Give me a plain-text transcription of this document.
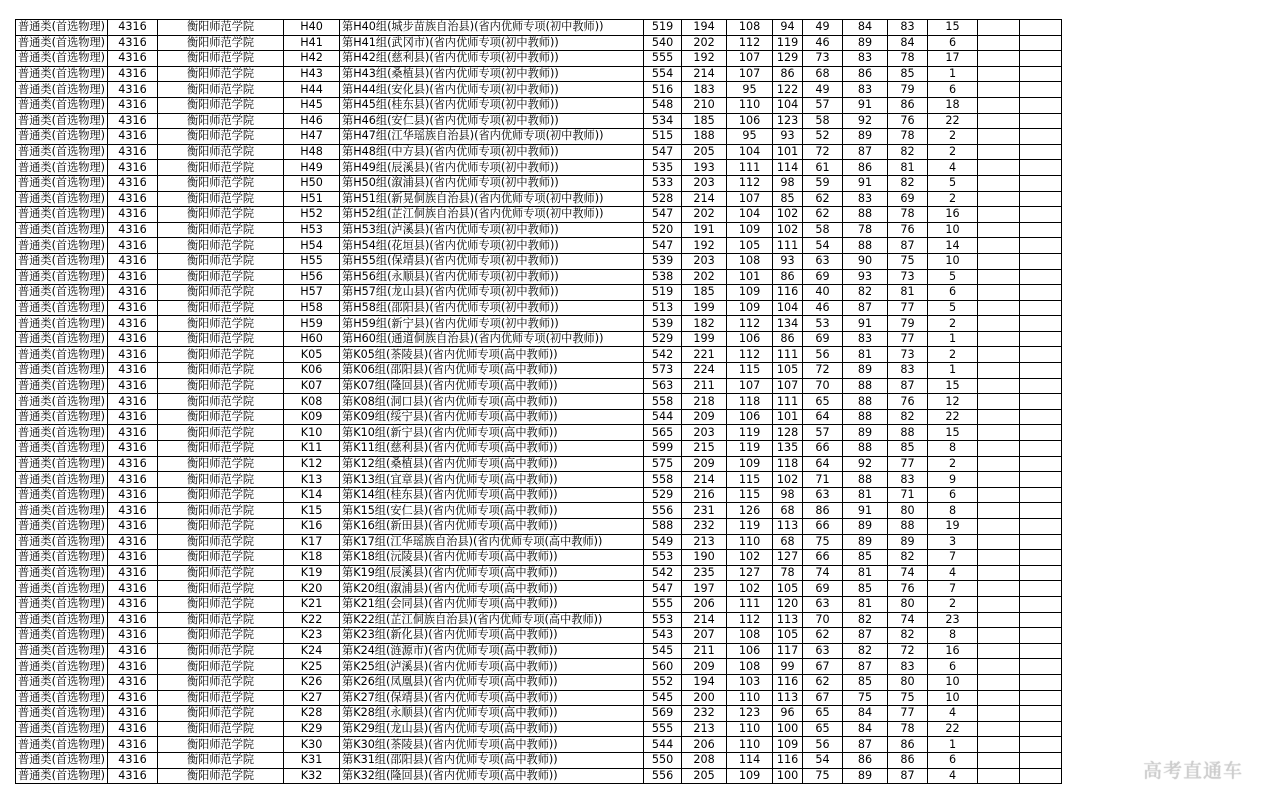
普通类(首选物理)	4316	衡阳师范学院	H40	第H40组(城步苗族自治县)(省内优师专项(初中教师))	519	194	108	94	49	84	83	15		
普通类(首选物理)	4316	衡阳师范学院	H41	第H41组(武冈市)(省内优师专项(初中教师))	540	202	112	119	46	89	84	6		
普通类(首选物理)	4316	衡阳师范学院	H42	第H42组(慈利县)(省内优师专项(初中教师))	555	192	107	129	73	83	78	17		
普通类(首选物理)	4316	衡阳师范学院	H43	第H43组(桑植县)(省内优师专项(初中教师))	554	214	107	86	68	86	85	1		
普通类(首选物理)	4316	衡阳师范学院	H44	第H44组(安化县)(省内优师专项(初中教师))	516	183	95	122	49	83	79	6		
普通类(首选物理)	4316	衡阳师范学院	H45	第H45组(桂东县)(省内优师专项(初中教师))	548	210	110	104	57	91	86	18		
普通类(首选物理)	4316	衡阳师范学院	H46	第H46组(安仁县)(省内优师专项(初中教师))	534	185	106	123	58	92	76	22		
普通类(首选物理)	4316	衡阳师范学院	H47	第H47组(江华瑶族自治县)(省内优师专项(初中教师))	515	188	95	93	52	89	78	2		
普通类(首选物理)	4316	衡阳师范学院	H48	第H48组(中方县)(省内优师专项(初中教师))	547	205	104	101	72	87	82	2		
普通类(首选物理)	4316	衡阳师范学院	H49	第H49组(辰溪县)(省内优师专项(初中教师))	535	193	111	114	61	86	81	4		
普通类(首选物理)	4316	衡阳师范学院	H50	第H50组(溆浦县)(省内优师专项(初中教师))	533	203	112	98	59	91	82	5		
普通类(首选物理)	4316	衡阳师范学院	H51	第H51组(新晃侗族自治县)(省内优师专项(初中教师))	528	214	107	85	62	83	69	2		
普通类(首选物理)	4316	衡阳师范学院	H52	第H52组(芷江侗族自治县)(省内优师专项(初中教师))	547	202	104	102	62	88	78	16		
普通类(首选物理)	4316	衡阳师范学院	H53	第H53组(泸溪县)(省内优师专项(初中教师))	520	191	109	102	58	78	76	10		
普通类(首选物理)	4316	衡阳师范学院	H54	第H54组(花垣县)(省内优师专项(初中教师))	547	192	105	111	54	88	87	14		
普通类(首选物理)	4316	衡阳师范学院	H55	第H55组(保靖县)(省内优师专项(初中教师))	539	203	108	93	63	90	75	10		
普通类(首选物理)	4316	衡阳师范学院	H56	第H56组(永顺县)(省内优师专项(初中教师))	538	202	101	86	69	93	73	5		
普通类(首选物理)	4316	衡阳师范学院	H57	第H57组(龙山县)(省内优师专项(初中教师))	519	185	109	116	40	82	81	6		
普通类(首选物理)	4316	衡阳师范学院	H58	第H58组(邵阳县)(省内优师专项(初中教师))	513	199	109	104	46	87	77	5		
普通类(首选物理)	4316	衡阳师范学院	H59	第H59组(新宁县)(省内优师专项(初中教师))	539	182	112	134	53	91	79	2		
普通类(首选物理)	4316	衡阳师范学院	H60	第H60组(通道侗族自治县)(省内优师专项(初中教师))	529	199	106	86	69	83	77	1		
普通类(首选物理)	4316	衡阳师范学院	K05	第K05组(茶陵县)(省内优师专项(高中教师))	542	221	112	111	56	81	73	2		
普通类(首选物理)	4316	衡阳师范学院	K06	第K06组(邵阳县)(省内优师专项(高中教师))	573	224	115	105	72	89	83	1		
普通类(首选物理)	4316	衡阳师范学院	K07	第K07组(隆回县)(省内优师专项(高中教师))	563	211	107	107	70	88	87	15		
普通类(首选物理)	4316	衡阳师范学院	K08	第K08组(洞口县)(省内优师专项(高中教师))	558	218	118	111	65	88	76	12		
普通类(首选物理)	4316	衡阳师范学院	K09	第K09组(绥宁县)(省内优师专项(高中教师))	544	209	106	101	64	88	82	22		
普通类(首选物理)	4316	衡阳师范学院	K10	第K10组(新宁县)(省内优师专项(高中教师))	565	203	119	128	57	89	88	15		
普通类(首选物理)	4316	衡阳师范学院	K11	第K11组(慈利县)(省内优师专项(高中教师))	599	215	119	135	66	88	85	8		
普通类(首选物理)	4316	衡阳师范学院	K12	第K12组(桑植县)(省内优师专项(高中教师))	575	209	109	118	64	92	77	2		
普通类(首选物理)	4316	衡阳师范学院	K13	第K13组(宜章县)(省内优师专项(高中教师))	558	214	115	102	71	88	83	9		
普通类(首选物理)	4316	衡阳师范学院	K14	第K14组(桂东县)(省内优师专项(高中教师))	529	216	115	98	63	81	71	6		
普通类(首选物理)	4316	衡阳师范学院	K15	第K15组(安仁县)(省内优师专项(高中教师))	556	231	126	68	86	91	80	8		
普通类(首选物理)	4316	衡阳师范学院	K16	第K16组(新田县)(省内优师专项(高中教师))	588	232	119	113	66	89	88	19		
普通类(首选物理)	4316	衡阳师范学院	K17	第K17组(江华瑶族自治县)(省内优师专项(高中教师))	549	213	110	68	75	89	89	3		
普通类(首选物理)	4316	衡阳师范学院	K18	第K18组(沅陵县)(省内优师专项(高中教师))	553	190	102	127	66	85	82	7		
普通类(首选物理)	4316	衡阳师范学院	K19	第K19组(辰溪县)(省内优师专项(高中教师))	542	235	127	78	74	81	74	4		
普通类(首选物理)	4316	衡阳师范学院	K20	第K20组(溆浦县)(省内优师专项(高中教师))	547	197	102	105	69	85	76	7		
普通类(首选物理)	4316	衡阳师范学院	K21	第K21组(会同县)(省内优师专项(高中教师))	555	206	111	120	63	81	80	2		
普通类(首选物理)	4316	衡阳师范学院	K22	第K22组(芷江侗族自治县)(省内优师专项(高中教师))	553	214	112	113	70	82	74	23		
普通类(首选物理)	4316	衡阳师范学院	K23	第K23组(新化县)(省内优师专项(高中教师))	543	207	108	105	62	87	82	8		
普通类(首选物理)	4316	衡阳师范学院	K24	第K24组(涟源市)(省内优师专项(高中教师))	545	211	106	117	63	82	72	16		
普通类(首选物理)	4316	衡阳师范学院	K25	第K25组(泸溪县)(省内优师专项(高中教师))	560	209	108	99	67	87	83	6		
普通类(首选物理)	4316	衡阳师范学院	K26	第K26组(凤凰县)(省内优师专项(高中教师))	552	194	103	116	62	85	80	10		
普通类(首选物理)	4316	衡阳师范学院	K27	第K27组(保靖县)(省内优师专项(高中教师))	545	200	110	113	67	75	75	10		
普通类(首选物理)	4316	衡阳师范学院	K28	第K28组(永顺县)(省内优师专项(高中教师))	569	232	123	96	65	84	77	4		
普通类(首选物理)	4316	衡阳师范学院	K29	第K29组(龙山县)(省内优师专项(高中教师))	555	213	110	100	65	84	78	22		
普通类(首选物理)	4316	衡阳师范学院	K30	第K30组(茶陵县)(省内优师专项(高中教师))	544	206	110	109	56	87	86	1		
普通类(首选物理)	4316	衡阳师范学院	K31	第K31组(邵阳县)(省内优师专项(高中教师))	550	208	114	116	54	86	86	6		
普通类(首选物理)	4316	衡阳师范学院	K32	第K32组(隆回县)(省内优师专项(高中教师))	556	205	109	100	75	89	87	4			高考直通车
